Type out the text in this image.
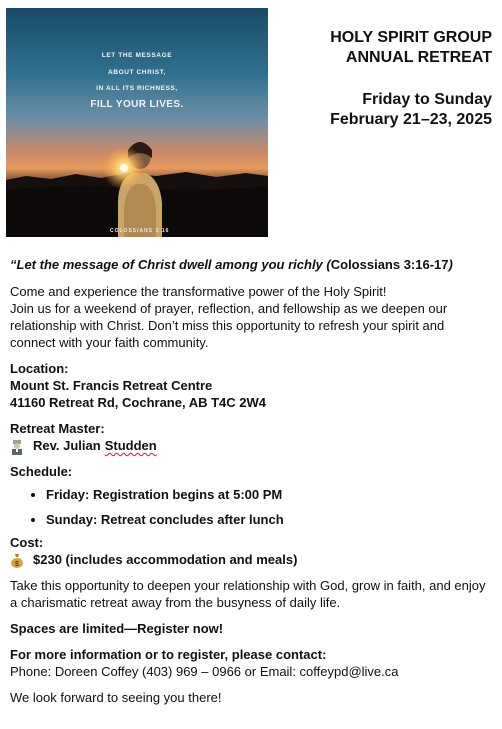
LET THE MESSAGE
ABOUT CHRIST,
IN ALL ITS RICHNESS,
FILL YOUR LIVES.
COLOSSIANS 3:16
HOLY SPIRIT GROUP
ANNUAL RETREAT
Friday to Sunday
February 21–23, 2025

“Let the message of Christ dwell among you richly (Colossians 3:16-17)

Come and experience the transformative power of the Holy Spirit!

Join us for a weekend of prayer, reflection, and fellowship as we deepen our relationship with Christ. Don’t miss this opportunity to refresh your spirit and connect with your faith community.

Location:

Mount St. Francis Retreat Centre

41160 Retreat Rd, Cochrane, AB T4C 2W4

Retreat Master:

Rev. Julian Studden

Schedule:

• Friday: Registration begins at 5:00 PM
• Sunday: Retreat concludes after lunch

Cost:

$ $230 (includes accommodation and meals)

Take this opportunity to deepen your relationship with God, grow in faith, and enjoy a charismatic retreat away from the busyness of daily life.

Spaces are limited—Register now!

For more information or to register, please contact:

Phone: Doreen Coffey (403) 969 – 0966 or Email: coffeypd@live.ca

We look forward to seeing you there!
